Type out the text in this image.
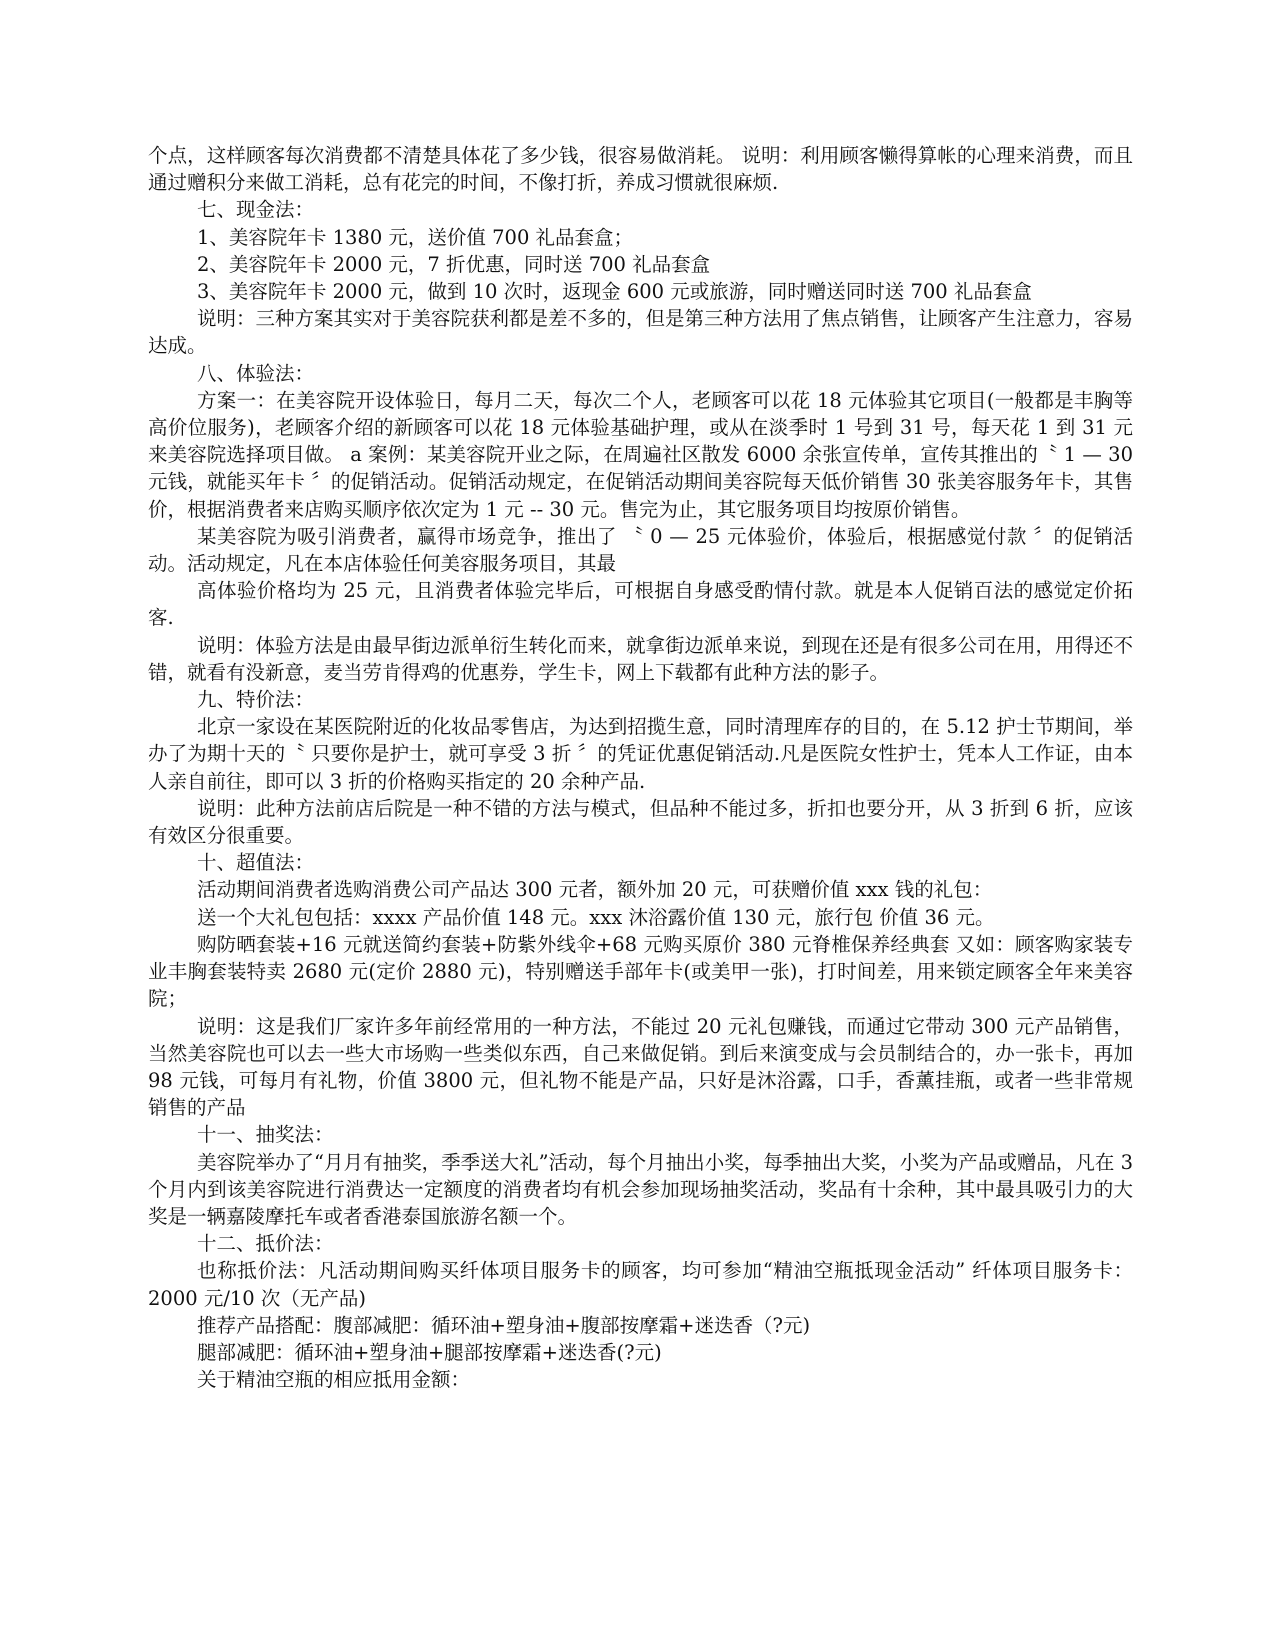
个点，这样顾客每次消费都不清楚具体花了多少钱，很容易做消耗。 说明：利用顾客懒得算帐的心理来消费，而且通过赠积分来做工消耗，总有花完的时间，不像打折，养成习惯就很麻烦.

七、现金法：

1、美容院年卡 1380 元，送价值 700 礼品套盒；

2、美容院年卡 2000 元，7 折优惠，同时送 700 礼品套盒

3、美容院年卡 2000 元，做到 10 次时，返现金 600 元或旅游，同时赠送同时送 700 礼品套盒

说明：三种方案其实对于美容院获利都是差不多的，但是第三种方法用了焦点销售，让顾客产生注意力，容易达成。

八、体验法：

方案一：在美容院开设体验日，每月二天，每次二个人，老顾客可以花 18 元体验其它项目(一般都是丰胸等高价位服务)，老顾客介绍的新顾客可以花 18 元体验基础护理，或从在淡季时 1 号到 31 号，每天花 1 到 31 元来美容院选择项目做。 a 案例：某美容院开业之际，在周遍社区散发 6000 余张宣传单，宣传其推出的〝 1 — 30 元钱，就能买年卡 〞的促销活动。促销活动规定，在促销活动期间美容院每天低价销售 30 张美容服务年卡，其售价，根据消费者来店购买顺序依次定为 1 元 -- 30 元。售完为止，其它服务项目均按原价销售。

某美容院为吸引消费者，赢得市场竞争，推出了 〝 0 — 25 元体验价，体验后，根据感觉付款 〞的促销活动。活动规定，凡在本店体验任何美容服务项目，其最

高体验价格均为 25 元，且消费者体验完毕后，可根据自身感受酌情付款。就是本人促销百法的感觉定价拓客.

说明：体验方法是由最早街边派单衍生转化而来，就拿街边派单来说，到现在还是有很多公司在用，用得还不错，就看有没新意，麦当劳肯得鸡的优惠券，学生卡，网上下载都有此种方法的影子。

九、特价法：

北京一家设在某医院附近的化妆品零售店，为达到招揽生意，同时清理库存的目的，在 5.12 护士节期间，举办了为期十天的〝 只要你是护士，就可享受 3 折 〞的凭证优惠促销活动.凡是医院女性护士，凭本人工作证，由本人亲自前往，即可以 3 折的价格购买指定的 20 余种产品.

说明：此种方法前店后院是一种不错的方法与模式，但品种不能过多，折扣也要分开，从 3 折到 6 折，应该有效区分很重要。

十、超值法：

活动期间消费者选购消费公司产品达 300 元者，额外加 20 元，可获赠价值 xxx 钱的礼包：

送一个大礼包包括：xxxx 产品价值 148 元。xxx 沐浴露价值 130 元，旅行包 价值 36 元。

购防晒套装+16 元就送简约套装+防紫外线伞+68 元购买原价 380 元脊椎保养经典套 又如：顾客购家装专业丰胸套装特卖 2680 元(定价 2880 元)，特别赠送手部年卡(或美甲一张)，打时间差，用来锁定顾客全年来美容院；

说明：这是我们厂家许多年前经常用的一种方法，不能过 20 元礼包赚钱，而通过它带动 300 元产品销售，当然美容院也可以去一些大市场购一些类似东西，自己来做促销。到后来演变成与会员制结合的，办一张卡，再加 98 元钱，可每月有礼物，价值 3800 元，但礼物不能是产品，只好是沐浴露，口手，香薰挂瓶，或者一些非常规销售的产品

十一、抽奖法：

美容院举办了“月月有抽奖，季季送大礼”活动，每个月抽出小奖，每季抽出大奖，小奖为产品或赠品，凡在 3 个月内到该美容院进行消费达一定额度的消费者均有机会参加现场抽奖活动，奖品有十余种，其中最具吸引力的大奖是一辆嘉陵摩托车或者香港泰国旅游名额一个。

十二、抵价法：

也称抵价法：凡活动期间购买纤体项目服务卡的顾客，均可参加“精油空瓶抵现金活动” 纤体项目服务卡：2000 元/10 次（无产品)

推荐产品搭配：腹部减肥：循环油+塑身油+腹部按摩霜+迷迭香（?元)

腿部减肥：循环油+塑身油+腿部按摩霜+迷迭香(?元)

关于精油空瓶的相应抵用金额：
